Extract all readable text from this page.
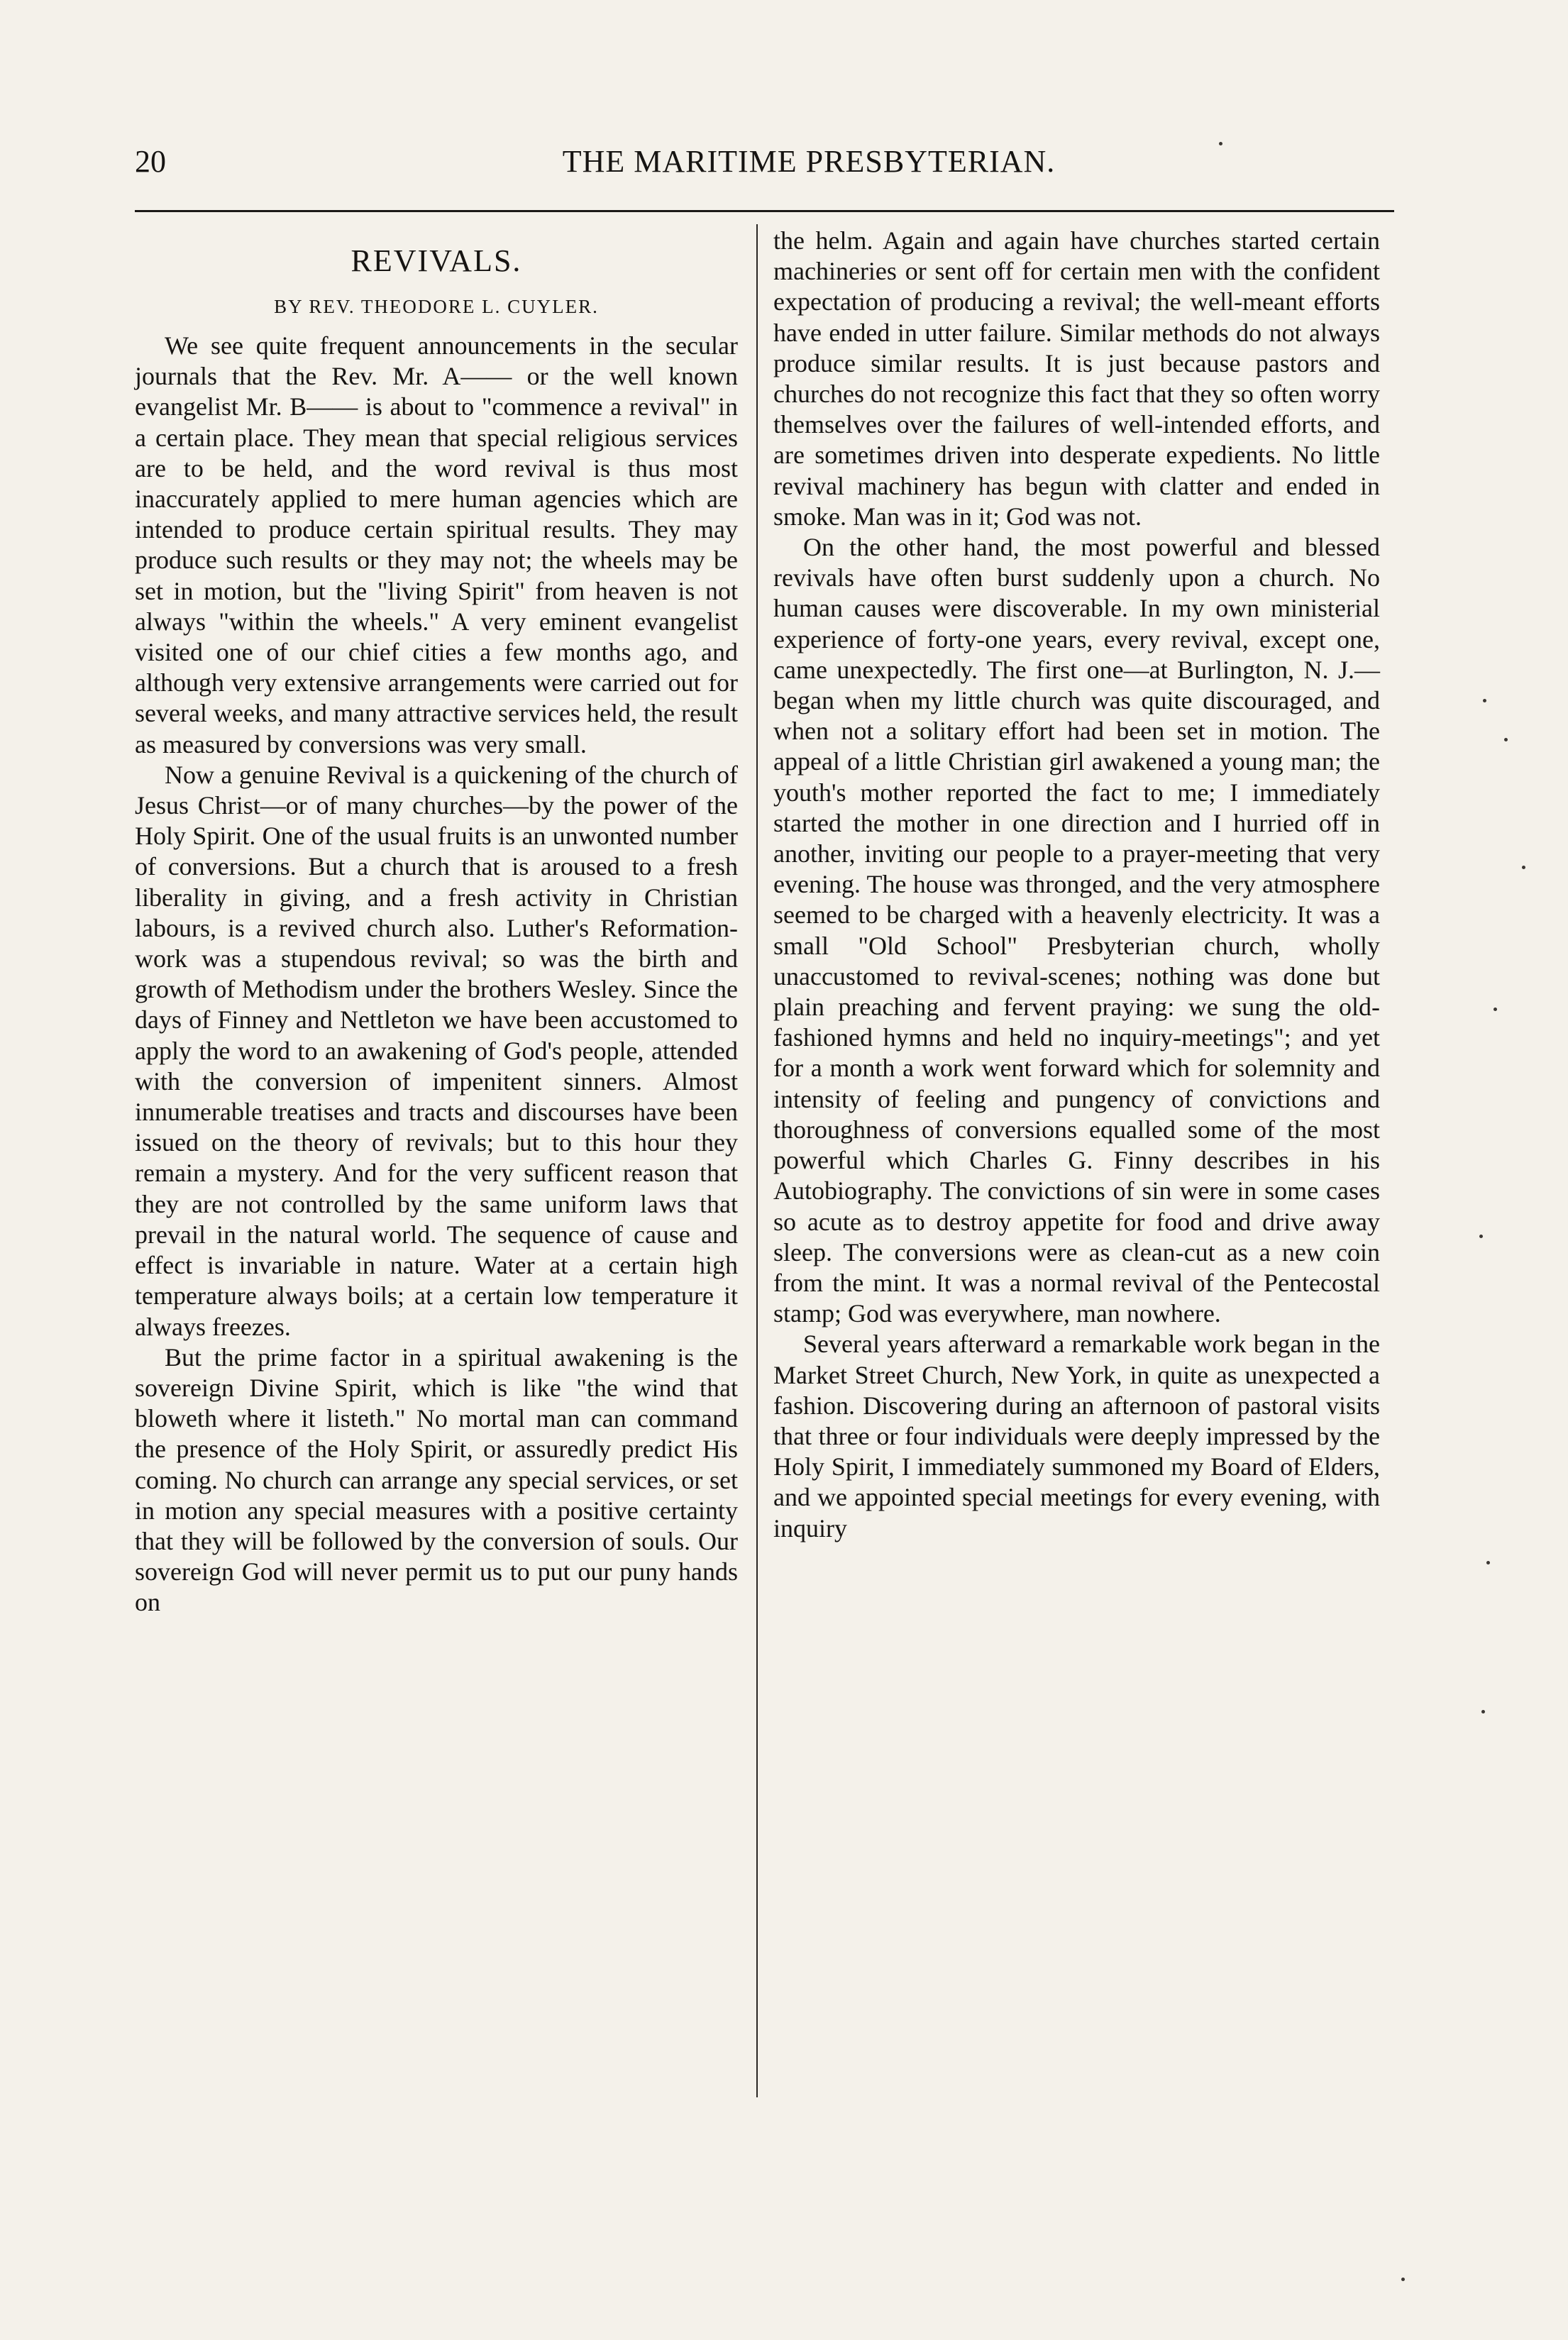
20	THE MARITIME PRESBYTERIAN.
REVIVALS.
BY REV. THEODORE L. CUYLER.

We see quite frequent announcements in the secular journals that the Rev. Mr. A—— or the well known evangelist Mr. B—— is about to "commence a revival" in a certain place. They mean that special religious services are to be held, and the word revival is thus most inaccurately applied to mere human agencies which are intended to produce certain spiritual results. They may produce such results or they may not; the wheels may be set in motion, but the "living Spirit" from heaven is not always "within the wheels." A very eminent evangelist visited one of our chief cities a few months ago, and although very extensive arrangements were carried out for several weeks, and many attractive services held, the result as measured by conversions was very small.

Now a genuine Revival is a quickening of the church of Jesus Christ—or of many churches—by the power of the Holy Spirit. One of the usual fruits is an unwonted number of conversions. But a church that is aroused to a fresh liberality in giving, and a fresh activity in Christian labours, is a revived church also. Luther's Reformation-work was a stupendous revival; so was the birth and growth of Methodism under the brothers Wesley. Since the days of Finney and Nettleton we have been accustomed to apply the word to an awakening of God's people, attended with the conversion of impenitent sinners. Almost innumerable treatises and tracts and discourses have been issued on the theory of revivals; but to this hour they remain a mystery. And for the very sufficent reason that they are not controlled by the same uniform laws that prevail in the natural world. The sequence of cause and effect is invariable in nature. Water at a certain high temperature always boils; at a certain low temperature it always freezes.

But the prime factor in a spiritual awakening is the sovereign Divine Spirit, which is like "the wind that bloweth where it listeth." No mortal man can command the presence of the Holy Spirit, or assuredly predict His coming. No church can arrange any special services, or set in motion any special measures with a positive certainty that they will be followed by the conversion of souls. Our sovereign God will never permit us to put our puny hands on

the helm. Again and again have churches started certain machineries or sent off for certain men with the confident expectation of producing a revival; the well-meant efforts have ended in utter failure. Similar methods do not always produce similar results. It is just because pastors and churches do not recognize this fact that they so often worry themselves over the failures of well-intended efforts, and are sometimes driven into desperate expedients. No little revival machinery has begun with clatter and ended in smoke. Man was in it; God was not.

On the other hand, the most powerful and blessed revivals have often burst suddenly upon a church. No human causes were discoverable. In my own ministerial experience of forty-one years, every revival, except one, came unexpectedly. The first one—at Burlington, N. J.—began when my little church was quite discouraged, and when not a solitary effort had been set in motion. The appeal of a little Christian girl awakened a young man; the youth's mother reported the fact to me; I immediately started the mother in one direction and I hurried off in another, inviting our people to a prayer-meeting that very evening. The house was thronged, and the very atmosphere seemed to be charged with a heavenly electricity. It was a small "Old School" Presbyterian church, wholly unaccustomed to revival-scenes; nothing was done but plain preaching and fervent praying: we sung the old-fashioned hymns and held no inquiry-meetings"; and yet for a month a work went forward which for solemnity and intensity of feeling and pungency of convictions and thoroughness of conversions equalled some of the most powerful which Charles G. Finny describes in his Autobiography. The convictions of sin were in some cases so acute as to destroy appetite for food and drive away sleep. The conversions were as clean-cut as a new coin from the mint. It was a normal revival of the Pentecostal stamp; God was everywhere, man nowhere.

Several years afterward a remarkable work began in the Market Street Church, New York, in quite as unexpected a fashion. Discovering during an afternoon of pastoral visits that three or four individuals were deeply impressed by the Holy Spirit, I immediately summoned my Board of Elders, and we appointed special meetings for every evening, with inquiry
